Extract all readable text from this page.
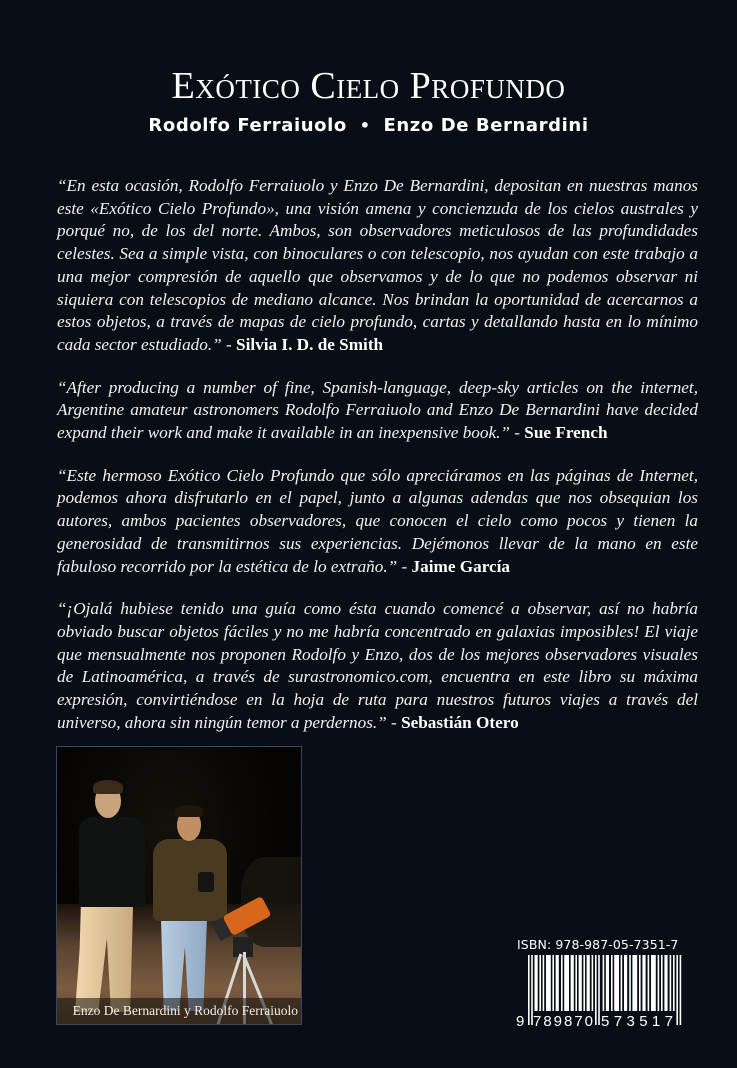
Exótico Cielo Profundo
Rodolfo Ferraiuolo • Enzo De Bernardini

“En esta ocasión, Rodolfo Ferraiuolo y Enzo De Bernardini, depositan en nuestras manos este «Exótico Cielo Profundo», una visión amena y concienzuda de los cielos australes y porqué no, de los del norte. Ambos, son observadores meticulosos de las profundidades celestes. Sea a simple vista, con binoculares o con telescopio, nos ayudan con este trabajo a una mejor compresión de aquello que observamos y de lo que no podemos observar ni siquiera con telescopios de mediano alcance. Nos brindan la oportunidad de acercarnos a estos objetos, a través de mapas de cielo profundo, cartas y detallando hasta en lo mínimo cada sector estudiado.” - Silvia I. D. de Smith

“After producing a number of fine, Spanish-language, deep-sky articles on the internet, Argentine amateur astronomers Rodolfo Ferraiuolo and Enzo De Bernardini have decided expand their work and make it available in an inexpensive book.” - Sue French

“Este hermoso Exótico Cielo Profundo que sólo apreciáramos en las páginas de Internet, podemos ahora disfrutarlo en el papel, junto a algunas adendas que nos obsequian los autores, ambos pacientes observadores, que conocen el cielo como pocos y tienen la generosidad de transmitirnos sus experiencias. Dejémonos llevar de la mano en este fabuloso recorrido por la estética de lo extraño.” - Jaime García

“¡Ojalá hubiese tenido una guía como ésta cuando comencé a observar, así no habría obviado buscar objetos fáciles y no me habría concentrado en galaxias imposibles! El viaje que mensualmente nos proponen Rodolfo y Enzo, dos de los mejores observadores visuales de Latinoamérica, a través de surastronomico.com, encuentra en este libro su máxima expresión, convirtiéndose en la hoja de ruta para nuestros futuros viajes a través del universo, ahora sin ningún temor a perdernos.” - Sebastián Otero

Enzo De Bernardini y Rodolfo Ferraiuolo
ISBN: 978-987-05-7351-7
9 789870 573517
